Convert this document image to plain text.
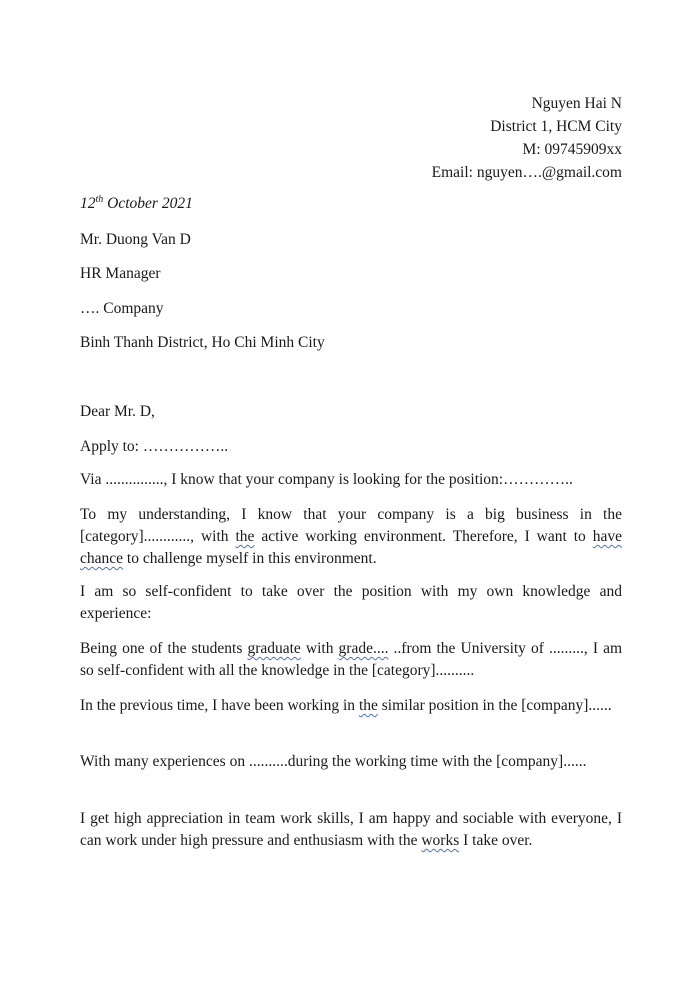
Nguyen Hai N
District 1, HCM City
M: 09745909xx
Email: nguyen….@gmail.com
12th October 2021
Mr. Duong Van D
HR Manager
…. Company
Binh Thanh District, Ho Chi Minh City
Dear Mr. D,
Apply to: ……………..
Via ..............., I know that your company is looking for the position:…………..
To my understanding, I know that your company is a big business in the [category]............, with the active working environment. Therefore, I want to have chance to challenge myself in this environment.
I am so self-confident to take over the position with my own knowledge and experience:
Being one of the students graduate with grade.... ..from the University of ........., I am so self-confident with all the knowledge in the [category]..........
In the previous time, I have been working in the similar position in the [company]......
With many experiences on ..........during the working time with the [company]......
I get high appreciation in team work skills, I am happy and sociable with everyone, I can work under high pressure and enthusiasm with the works I take over.
